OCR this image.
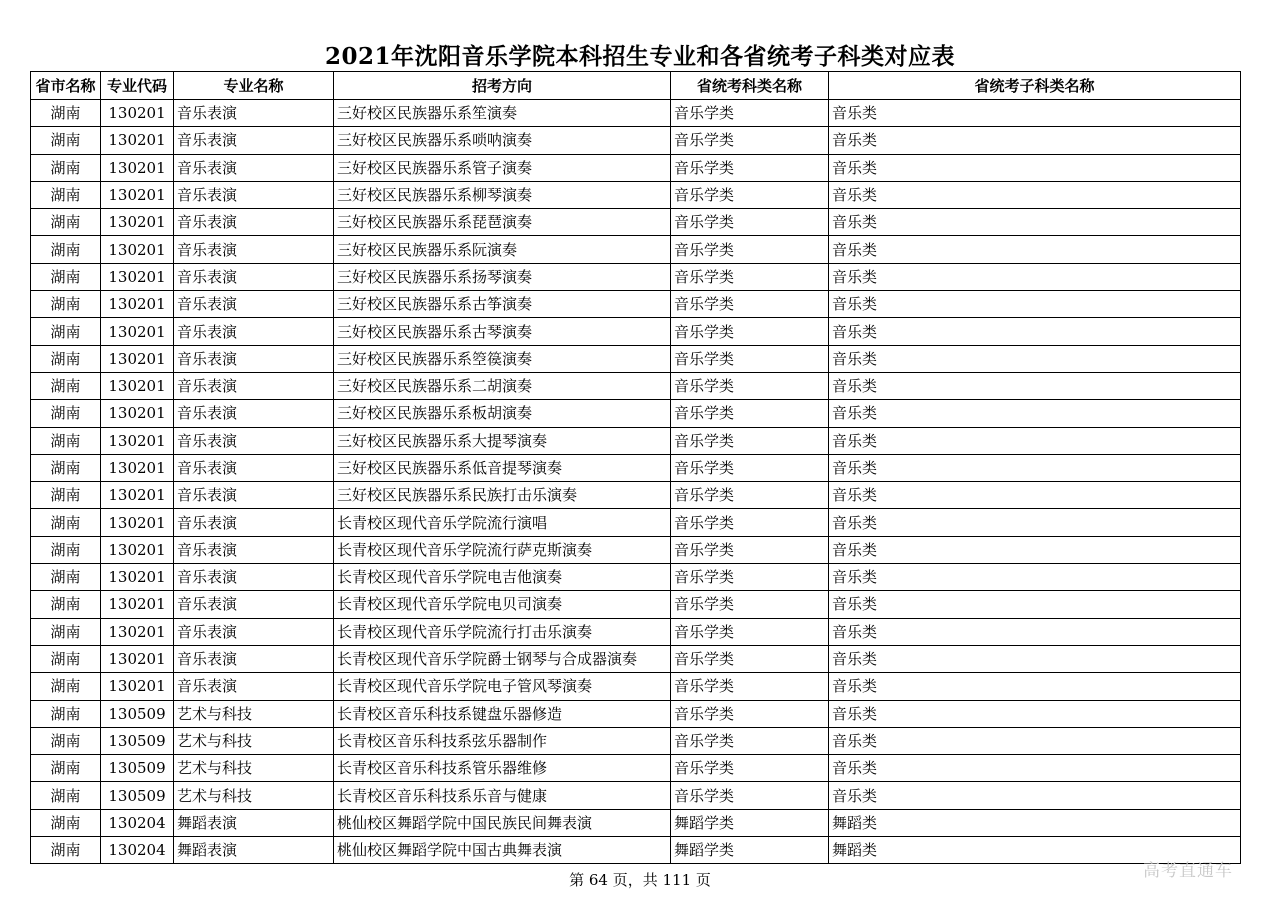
2021年沈阳音乐学院本科招生专业和各省统考子科类对应表
省市名称	专业代码	专业名称	招考方向	省统考科类名称	省统考子科类名称
湖南	130201	音乐表演	三好校区民族器乐系笙演奏	音乐学类	音乐类
湖南	130201	音乐表演	三好校区民族器乐系唢呐演奏	音乐学类	音乐类
湖南	130201	音乐表演	三好校区民族器乐系管子演奏	音乐学类	音乐类
湖南	130201	音乐表演	三好校区民族器乐系柳琴演奏	音乐学类	音乐类
湖南	130201	音乐表演	三好校区民族器乐系琵琶演奏	音乐学类	音乐类
湖南	130201	音乐表演	三好校区民族器乐系阮演奏	音乐学类	音乐类
湖南	130201	音乐表演	三好校区民族器乐系扬琴演奏	音乐学类	音乐类
湖南	130201	音乐表演	三好校区民族器乐系古筝演奏	音乐学类	音乐类
湖南	130201	音乐表演	三好校区民族器乐系古琴演奏	音乐学类	音乐类
湖南	130201	音乐表演	三好校区民族器乐系箜篌演奏	音乐学类	音乐类
湖南	130201	音乐表演	三好校区民族器乐系二胡演奏	音乐学类	音乐类
湖南	130201	音乐表演	三好校区民族器乐系板胡演奏	音乐学类	音乐类
湖南	130201	音乐表演	三好校区民族器乐系大提琴演奏	音乐学类	音乐类
湖南	130201	音乐表演	三好校区民族器乐系低音提琴演奏	音乐学类	音乐类
湖南	130201	音乐表演	三好校区民族器乐系民族打击乐演奏	音乐学类	音乐类
湖南	130201	音乐表演	长青校区现代音乐学院流行演唱	音乐学类	音乐类
湖南	130201	音乐表演	长青校区现代音乐学院流行萨克斯演奏	音乐学类	音乐类
湖南	130201	音乐表演	长青校区现代音乐学院电吉他演奏	音乐学类	音乐类
湖南	130201	音乐表演	长青校区现代音乐学院电贝司演奏	音乐学类	音乐类
湖南	130201	音乐表演	长青校区现代音乐学院流行打击乐演奏	音乐学类	音乐类
湖南	130201	音乐表演	长青校区现代音乐学院爵士钢琴与合成器演奏	音乐学类	音乐类
湖南	130201	音乐表演	长青校区现代音乐学院电子管风琴演奏	音乐学类	音乐类
湖南	130509	艺术与科技	长青校区音乐科技系键盘乐器修造	音乐学类	音乐类
湖南	130509	艺术与科技	长青校区音乐科技系弦乐器制作	音乐学类	音乐类
湖南	130509	艺术与科技	长青校区音乐科技系管乐器维修	音乐学类	音乐类
湖南	130509	艺术与科技	长青校区音乐科技系乐音与健康	音乐学类	音乐类
湖南	130204	舞蹈表演	桃仙校区舞蹈学院中国民族民间舞表演	舞蹈学类	舞蹈类
湖南	130204	舞蹈表演	桃仙校区舞蹈学院中国古典舞表演	舞蹈学类	舞蹈类
第 64 页，共 111 页	高考直通车
